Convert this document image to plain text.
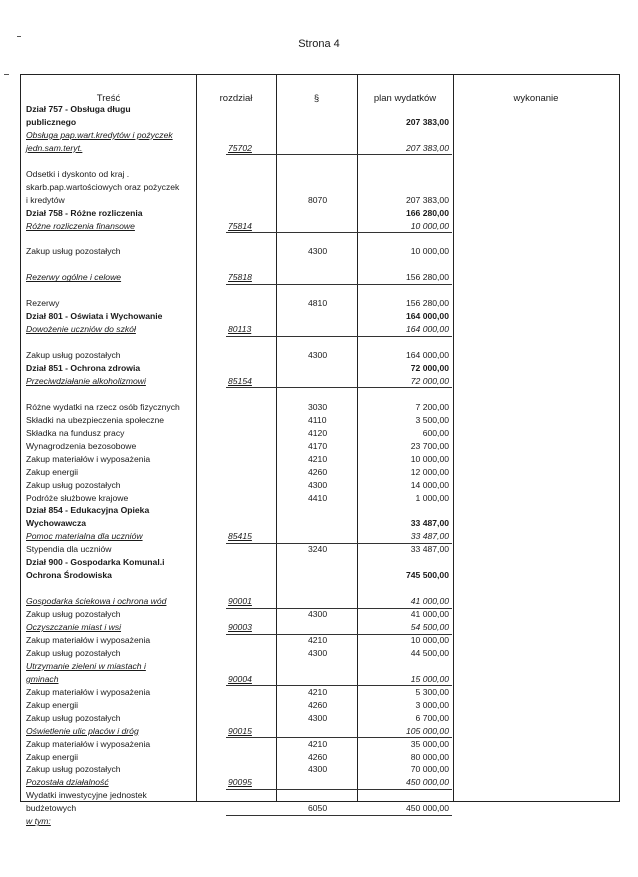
Strona 4
Treść	rozdział	§	plan wydatków	wykonanie
Dział 757 - Obsługa długu
publicznego	207 383,00
Obsługa pap.wart.kredytów i pożyczek
jedn.sam.teryt.	75702	207 383,00
Odsetki i dyskonto od kraj .
skarb.pap.wartościowych oraz pożyczek
i kredytów	8070	207 383,00
Dział 758 - Różne rozliczenia	166 280,00
Różne rozliczenia finansowe	75814	10 000,00
Zakup usług pozostałych	4300	10 000,00
Rezerwy ogólne i celowe	75818	156 280,00
Rezerwy	4810	156 280,00
Dział 801 - Oświata i Wychowanie	164 000,00
Dowożenie uczniów do szkół	80113	164 000,00
Zakup usług pozostałych	4300	164 000,00
Dział 851 - Ochrona zdrowia	72 000,00
Przeciwdziałanie alkoholizmowi	85154	72 000,00
Różne wydatki na rzecz osób fizycznych	3030	7 200,00
Składki na ubezpieczenia społeczne	4110	3 500,00
Składka na fundusz pracy	4120	600,00
Wynagrodzenia bezosobowe	4170	23 700,00
Zakup materiałów i wyposażenia	4210	10 000,00
Zakup energii	4260	12 000,00
Zakup usług pozostałych	4300	14 000,00
Podróże służbowe krajowe	4410	1 000,00
Dział 854 - Edukacyjna Opieka
Wychowawcza	33 487,00
Pomoc materialna dla uczniów	85415	33 487,00
Stypendia dla uczniów	3240	33 487,00
Dział 900 - Gospodarka Komunal.i
Ochrona Środowiska	745 500,00
Gospodarka ściekowa i ochrona wód	90001	41 000,00
Zakup usług pozostałych	4300	41 000,00
Oczyszczanie miast i wsi	90003	54 500,00
Zakup materiałów i wyposażenia	4210	10 000,00
Zakup usług pozostałych	4300	44 500,00
Utrzymanie zieleni w miastach i
gminach	90004	15 000,00
Zakup materiałów i wyposażenia	4210	5 300,00
Zakup energii	4260	3 000,00
Zakup usług pozostałych	4300	6 700,00
Oświetlenie ulic placów i dróg	90015	105 000,00
Zakup materiałów i wyposażenia	4210	35 000,00
Zakup energii	4260	80 000,00
Zakup usług pozostałych	4300	70 000,00
Pozostała działalność	90095	450 000,00
Wydatki inwestycyjne jednostek
budżetowych	6050	450 000,00
w tym:
